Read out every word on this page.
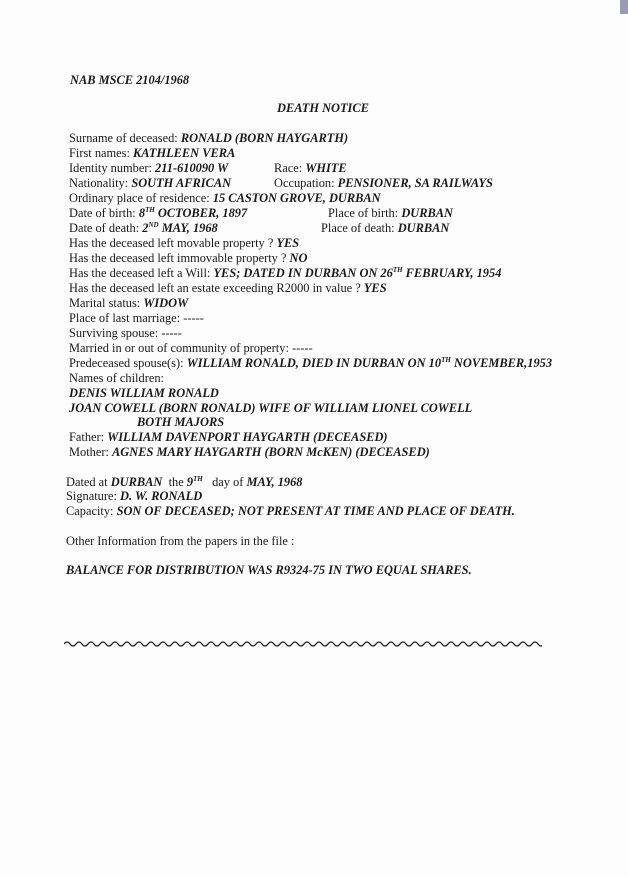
NAB MSCE 2104/1968
DEATH NOTICE
Surname of deceased: RONALD (BORN HAYGARTH)
First names: KATHLEEN VERA
Identity number: 211-610090 W	Race: WHITE
Nationality: SOUTH AFRICAN	Occupation: PENSIONER, SA RAILWAYS
Ordinary place of residence: 15 CASTON GROVE, DURBAN
Date of birth: 8TH OCTOBER, 1897	Place of birth: DURBAN
Date of death: 2ND MAY, 1968	Place of death: DURBAN
Has the deceased left movable property ? YES
Has the deceased left immovable property ? NO
Has the deceased left a Will: YES; DATED IN DURBAN ON 26TH FEBRUARY, 1954
Has the deceased left an estate exceeding R2000 in value ? YES
Marital status: WIDOW
Place of last marriage: -----
Surviving spouse: -----
Married in or out of community of property: -----
Predeceased spouse(s): WILLIAM RONALD, DIED IN DURBAN ON 10TH NOVEMBER,1953
Names of children:
DENIS WILLIAM RONALD
JOAN COWELL (BORN RONALD) WIFE OF WILLIAM LIONEL COWELL
BOTH MAJORS
Father: WILLIAM DAVENPORT HAYGARTH (DECEASED)
Mother: AGNES MARY HAYGARTH (BORN McKEN) (DECEASED)
Dated at DURBAN the 9TH day of MAY, 1968
Signature: D. W. RONALD
Capacity: SON OF DECEASED; NOT PRESENT AT TIME AND PLACE OF DEATH.
Other Information from the papers in the file :
BALANCE FOR DISTRIBUTION WAS R9324-75 IN TWO EQUAL SHARES.
